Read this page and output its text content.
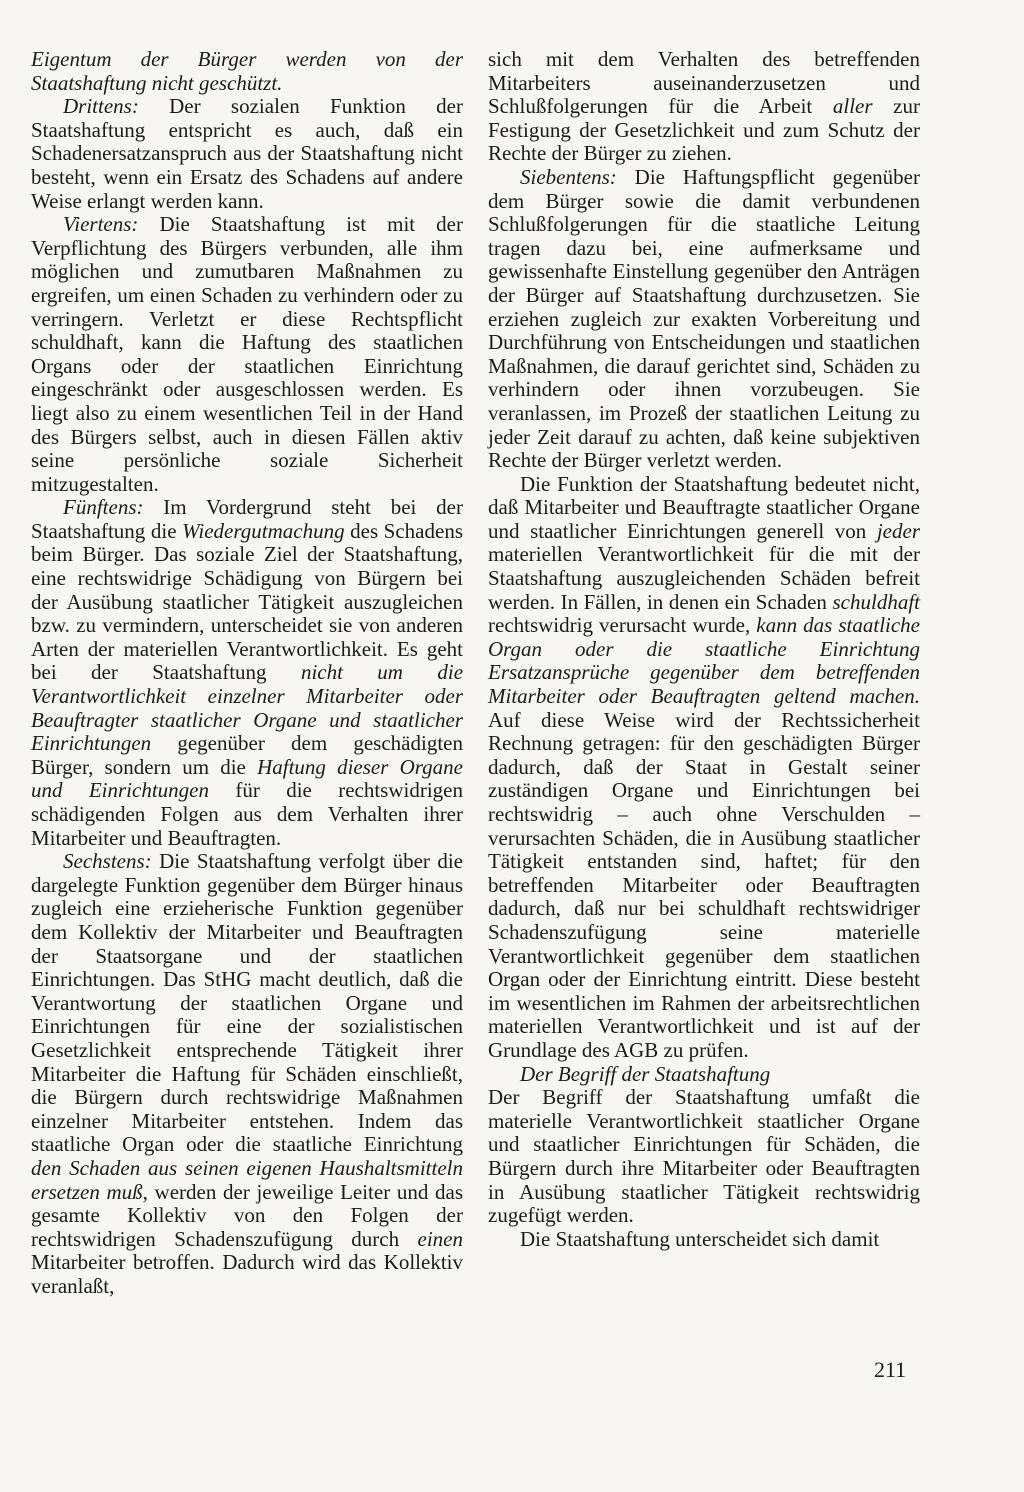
Eigentum der Bürger werden von der Staatshaftung nicht geschützt.

Drittens: Der sozialen Funktion der Staatshaftung entspricht es auch, daß ein Schadenersatzanspruch aus der Staatshaftung nicht besteht, wenn ein Ersatz des Schadens auf andere Weise erlangt werden kann.

Viertens: Die Staatshaftung ist mit der Verpflichtung des Bürgers verbunden, alle ihm möglichen und zumutbaren Maßnahmen zu ergreifen, um einen Schaden zu verhindern oder zu verringern. Verletzt er diese Rechtspflicht schuldhaft, kann die Haftung des staatlichen Organs oder der staatlichen Einrichtung eingeschränkt oder ausgeschlossen werden. Es liegt also zu einem wesentlichen Teil in der Hand des Bürgers selbst, auch in diesen Fällen aktiv seine persönliche soziale Sicherheit mitzugestalten.

Fünftens: Im Vordergrund steht bei der Staatshaftung die Wiedergutmachung des Schadens beim Bürger. Das soziale Ziel der Staatshaftung, eine rechtswidrige Schädigung von Bürgern bei der Ausübung staatlicher Tätigkeit auszugleichen bzw. zu vermindern, unterscheidet sie von anderen Arten der materiellen Verantwortlichkeit. Es geht bei der Staatshaftung nicht um die Verantwortlichkeit einzelner Mitarbeiter oder Beauftragter staatlicher Organe und staatlicher Einrichtungen gegenüber dem geschädigten Bürger, sondern um die Haftung dieser Organe und Einrichtungen für die rechtswidrigen schädigenden Folgen aus dem Verhalten ihrer Mitarbeiter und Beauftragten.

Sechstens: Die Staatshaftung verfolgt über die dargelegte Funktion gegenüber dem Bürger hinaus zugleich eine erzieherische Funktion gegenüber dem Kollektiv der Mitarbeiter und Beauftragten der Staatsorgane und der staatlichen Einrichtungen. Das StHG macht deutlich, daß die Verantwortung der staatlichen Organe und Einrichtungen für eine der sozialistischen Gesetzlichkeit entsprechende Tätigkeit ihrer Mitarbeiter die Haftung für Schäden einschließt, die Bürgern durch rechtswidrige Maßnahmen einzelner Mitarbeiter entstehen. Indem das staatliche Organ oder die staatliche Einrichtung den Schaden aus seinen eigenen Haushaltsmitteln ersetzen muß, werden der jeweilige Leiter und das gesamte Kollektiv von den Folgen der rechtswidrigen Schadenszufügung durch einen Mitarbeiter betroffen. Dadurch wird das Kollektiv veranlaßt,

sich mit dem Verhalten des betreffenden Mitarbeiters auseinanderzusetzen und Schlußfolgerungen für die Arbeit aller zur Festigung der Gesetzlichkeit und zum Schutz der Rechte der Bürger zu ziehen.

Siebentens: Die Haftungspflicht gegenüber dem Bürger sowie die damit verbundenen Schlußfolgerungen für die staatliche Leitung tragen dazu bei, eine aufmerksame und gewissenhafte Einstellung gegenüber den Anträgen der Bürger auf Staatshaftung durchzusetzen. Sie erziehen zugleich zur exakten Vorbereitung und Durchführung von Entscheidungen und staatlichen Maßnahmen, die darauf gerichtet sind, Schäden zu verhindern oder ihnen vorzubeugen. Sie veranlassen, im Prozeß der staatlichen Leitung zu jeder Zeit darauf zu achten, daß keine subjektiven Rechte der Bürger verletzt werden.

Die Funktion der Staatshaftung bedeutet nicht, daß Mitarbeiter und Beauftragte staatlicher Organe und staatlicher Einrichtungen generell von jeder materiellen Verantwortlichkeit für die mit der Staatshaftung auszugleichenden Schäden befreit werden. In Fällen, in denen ein Schaden schuldhaft rechtswidrig verursacht wurde, kann das staatliche Organ oder die staatliche Einrichtung Ersatzansprüche gegenüber dem betreffenden Mitarbeiter oder Beauftragten geltend machen. Auf diese Weise wird der Rechtssicherheit Rechnung getragen: für den geschädigten Bürger dadurch, daß der Staat in Gestalt seiner zuständigen Organe und Einrichtungen bei rechtswidrig – auch ohne Verschulden – verursachten Schäden, die in Ausübung staatlicher Tätigkeit entstanden sind, haftet; für den betreffenden Mitarbeiter oder Beauftragten dadurch, daß nur bei schuldhaft rechtswidriger Schadenszufügung seine materielle Verantwortlichkeit gegenüber dem staatlichen Organ oder der Einrichtung eintritt. Diese besteht im wesentlichen im Rahmen der arbeitsrechtlichen materiellen Verantwortlichkeit und ist auf der Grundlage des AGB zu prüfen.

Der Begriff der Staatshaftung

Der Begriff der Staatshaftung umfaßt die materielle Verantwortlichkeit staatlicher Organe und staatlicher Einrichtungen für Schäden, die Bürgern durch ihre Mitarbeiter oder Beauftragten in Ausübung staatlicher Tätigkeit rechtswidrig zugefügt werden.

Die Staatshaftung unterscheidet sich damit

211
